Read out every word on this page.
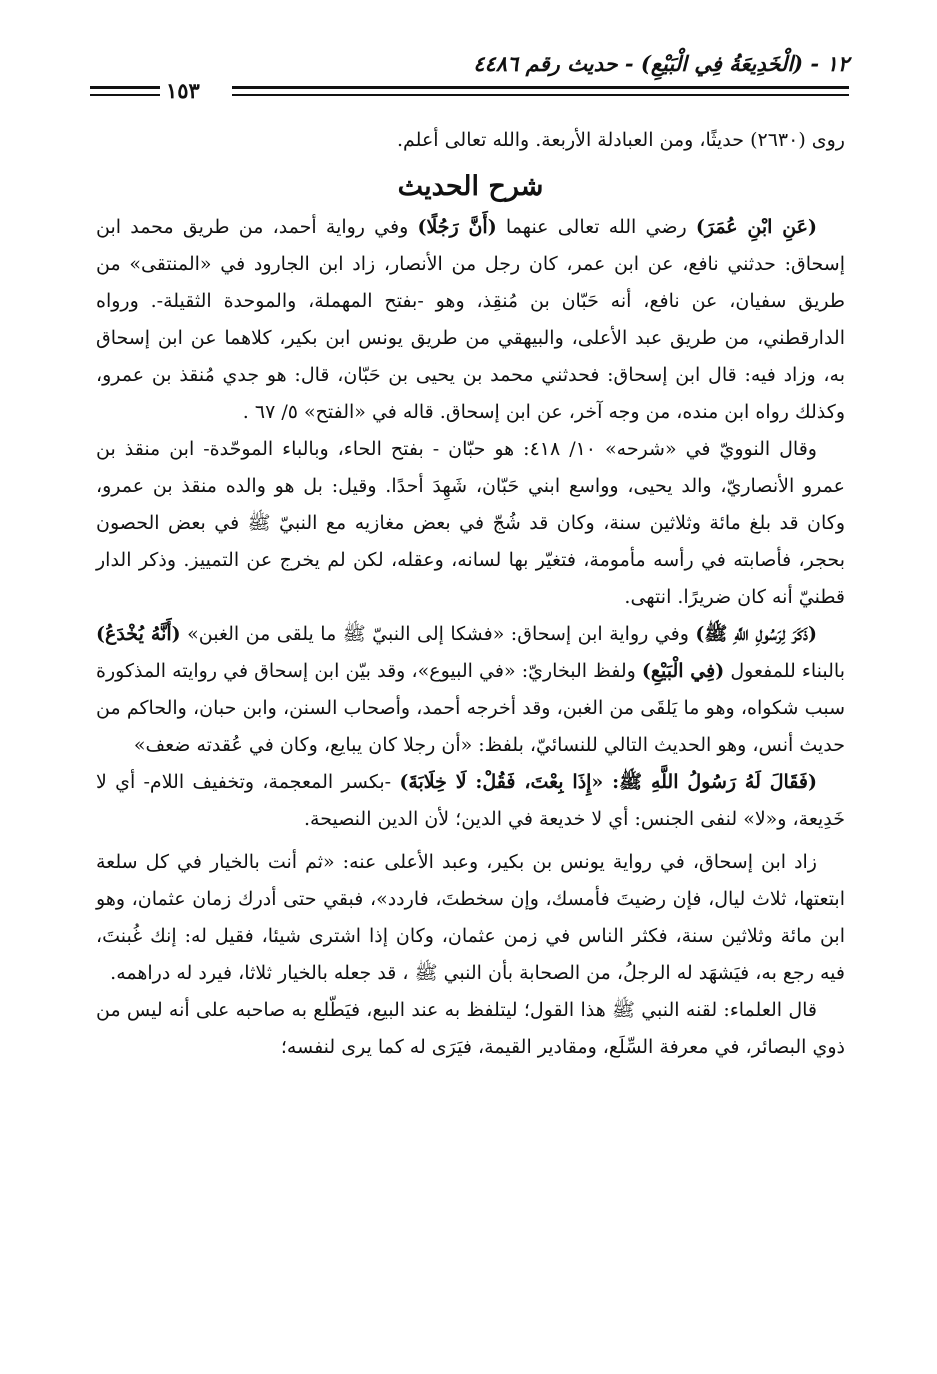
١٢ - (الْخَدِيعَةُ فِي الْبَيْعِ) - حديث رقم ٤٤٨٦
١٥٣

روى (٢٦٣٠) حديثًا، ومن العبادلة الأربعة. والله تعالى أعلم.

شرح الحديث

(عَنِ ابْنِ عُمَرَ) رضي الله تعالى عنهما (أَنَّ رَجُلًا) وفي رواية أحمد، من طريق محمد ابن إسحاق: حدثني نافع، عن ابن عمر، كان رجل من الأنصار، زاد ابن الجارود في «المنتقى» من طريق سفيان، عن نافع، أنه حَبّان بن مُنقِذ، وهو -بفتح المهملة، والموحدة الثقيلة-. ورواه الدارقطني، من طريق عبد الأعلى، والبيهقي من طريق يونس ابن بكير، كلاهما عن ابن إسحاق به، وزاد فيه: قال ابن إسحاق: فحدثني محمد بن يحيى بن حَبّان، قال: هو جدي مُنقذ بن عمرو، وكذلك رواه ابن منده، من وجه آخر، عن ابن إسحاق. قاله في «الفتح» ٥/ ٦٧ .

وقال النوويّ في «شرحه» ١٠/ ٤١٨: هو حبّان - بفتح الحاء، وبالباء الموحّدة- ابن منقذ بن عمرو الأنصاريّ، والد يحيى، وواسع ابني حَبّان، شَهِدَ أحدًا. وقيل: بل هو والده منقذ بن عمرو، وكان قد بلغ مائة وثلاثين سنة، وكان قد شُجّ في بعض مغازيه مع النبيّ ﷺ في بعض الحصون بحجر، فأصابته في رأسه مأمومة، فتغيّر بها لسانه، وعقله، لكن لم يخرج عن التمييز. وذكر الدار قطنيّ أنه كان ضريرًا. انتهى.

(ذَكَرَ لِرَسُولِ اللَّهِ ﷺ) وفي رواية ابن إسحاق: «فشكا إلى النبيّ ﷺ ما يلقى من الغبن» (أَنَّهُ يُخْدَعُ) بالبناء للمفعول (فِي الْبَيْعِ) ولفظ البخاريّ: «في البيوع»، وقد بيّن ابن إسحاق في روايته المذكورة سبب شكواه، وهو ما يَلقَى من الغبن، وقد أخرجه أحمد، وأصحاب السنن، وابن حبان، والحاكم من حديث أنس، وهو الحديث التالي للنسائيّ، بلفظ: «أن رجلا كان يبايع، وكان في عُقدته ضعف»

(فَقَالَ لَهُ رَسُولُ اللَّهِ ﷺ: «إِذَا بِعْتَ، فَقُلْ: لَا خِلَابَةَ) -بكسر المعجمة، وتخفيف اللام- أي لا خَدِيعة، و«لا» لنفى الجنس: أي لا خديعة في الدين؛ لأن الدين النصيحة.

زاد ابن إسحاق، في رواية يونس بن بكير، وعبد الأعلى عنه: «ثم أنت بالخيار في كل سلعة ابتعتها، ثلاث ليال، فإن رضيتَ فأمسك، وإن سخطتَ، فاردد»، فبقي حتى أدرك زمان عثمان، وهو ابن مائة وثلاثين سنة، فكثر الناس في زمن عثمان، وكان إذا اشترى شيئا، فقيل له: إنك غُبنتَ، فيه رجع به، فيَشهَد له الرجلُ، من الصحابة بأن النبي ﷺ ، قد جعله بالخيار ثلاثا، فيرد له دراهمه.

قال العلماء: لقنه النبي ﷺ هذا القول؛ ليتلفظ به عند البيع، فيَطّلع به صاحبه على أنه ليس من ذوي البصائر، في معرفة السِّلَع، ومقادير القيمة، فيَرَى له كما يرى لنفسه؛
